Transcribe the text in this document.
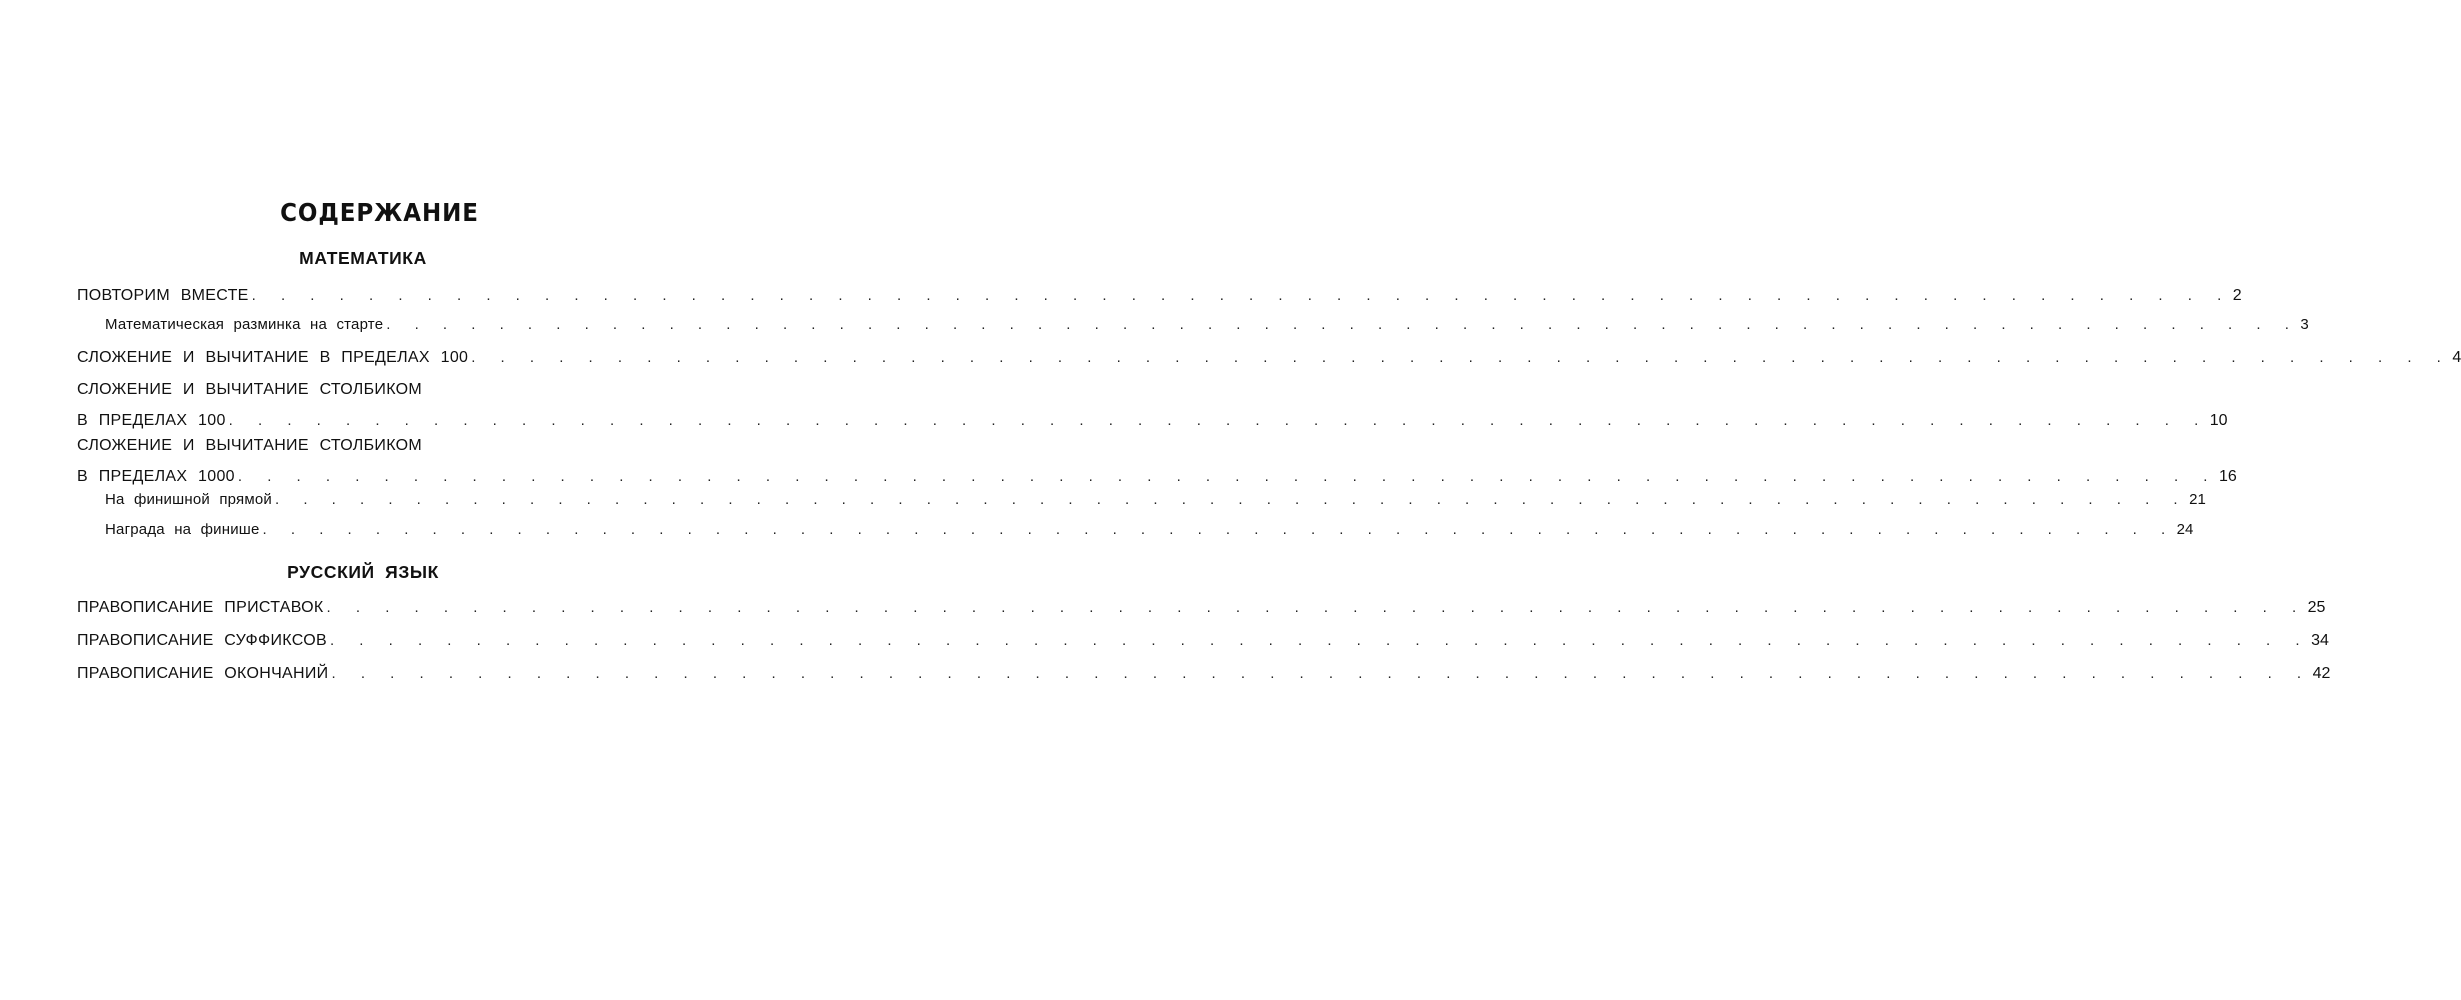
СОДЕРЖАНИЕ
МАТЕМАТИКА
ПОВТОРИМ ВМЕСТЕ . . . . . . . . . . . . . . . . . . . . . . . . . . . . . . . . . . . . . . . . . . . . . . . . . . . . . . . . . . . . . . . . . . . . 2
Математическая разминка на старте . . . . . . . . . . . . . . . . . . . . . . . . . . . . . . . . . . . . . . . . . . . . . . . . . . . . . . . . . . . . . . . . . . . . 3
СЛОЖЕНИЕ И ВЫЧИТАНИЕ В ПРЕДЕЛАХ 100 . . . . . . . . . . . . . . . . . . . . . . . . . . . . . . . . . . . . . . . . . . . . . . . . . . . . . . . . . . . . . . . . . . . . 4
СЛОЖЕНИЕ И ВЫЧИТАНИЕ СТОЛБИКОМ
В ПРЕДЕЛАХ 100 . . . . . . . . . . . . . . . . . . . . . . . . . . . . . . . . . . . . . . . . . . . . . . . . . . . . . . . . . . . . . . . . . . . . 10
СЛОЖЕНИЕ И ВЫЧИТАНИЕ СТОЛБИКОМ
В ПРЕДЕЛАХ 1000 . . . . . . . . . . . . . . . . . . . . . . . . . . . . . . . . . . . . . . . . . . . . . . . . . . . . . . . . . . . . . . . . . . . . 16
На финишной прямой . . . . . . . . . . . . . . . . . . . . . . . . . . . . . . . . . . . . . . . . . . . . . . . . . . . . . . . . . . . . . . . . . . . . 21
Награда на финише . . . . . . . . . . . . . . . . . . . . . . . . . . . . . . . . . . . . . . . . . . . . . . . . . . . . . . . . . . . . . . . . . . . . 24
РУССКИЙ ЯЗЫК
ПРАВОПИСАНИЕ ПРИСТАВОК . . . . . . . . . . . . . . . . . . . . . . . . . . . . . . . . . . . . . . . . . . . . . . . . . . . . . . . . . . . . . . . . . . . . 25
ПРАВОПИСАНИЕ СУФФИКСОВ . . . . . . . . . . . . . . . . . . . . . . . . . . . . . . . . . . . . . . . . . . . . . . . . . . . . . . . . . . . . . . . . . . . . 34
ПРАВОПИСАНИЕ ОКОНЧАНИЙ . . . . . . . . . . . . . . . . . . . . . . . . . . . . . . . . . . . . . . . . . . . . . . . . . . . . . . . . . . . . . . . . . . . . 42
